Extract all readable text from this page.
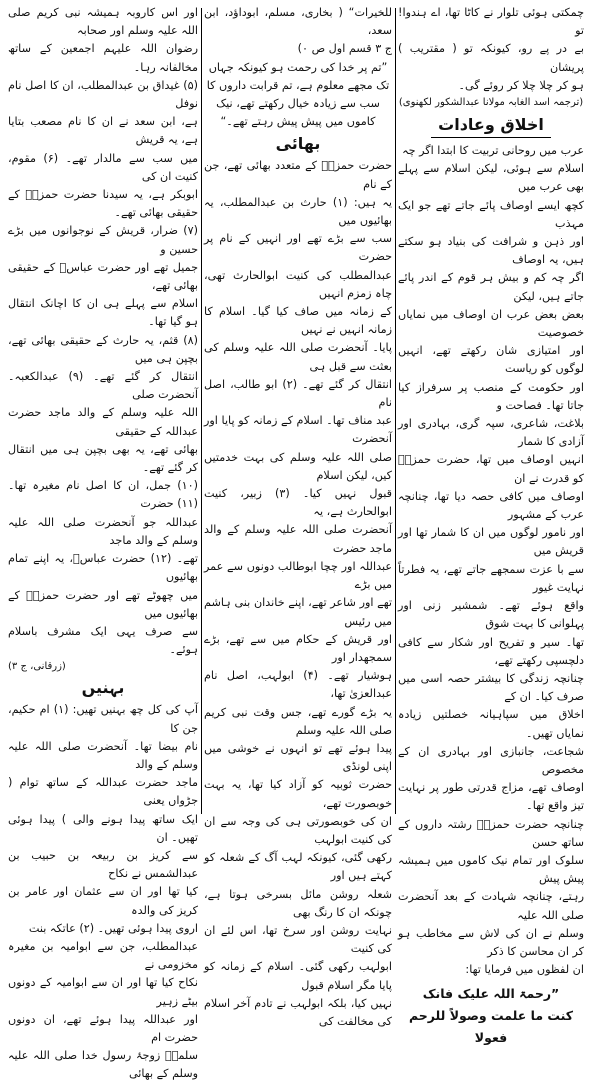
چمکتی ہوئی تلوار نے کاٹا تھا، اے ہندوا! تو
بے در پے رو، کیونکہ تو ( مقتریب ) پریشان
ہو کر چلا چلا کر روئے گی۔
(ترجمہ اسد الغابہ مولانا عبدالشکور لکھنوی)
اخلاق وعادات
عرب میں روحانی تربیت کا ابتدا اگر چہ
اسلام سے ہوئی، لیکن اسلام سے پہلے بھی عرب میں
کچھ ایسے اوصاف پائے جاتے تھے جو ایک مہذب
اور ذہن و شرافت کی بنیاد ہو سکتے ہیں، یہ اوصاف
اگر چہ کم و بیش ہر قوم کے اندر پائے جاتے ہیں، لیکن
بعض بعض عرب ان اوصاف میں نمایاں خصوصیت
اور امتیازی شان رکھتے تھے، انہیں لوگوں کو ریاست
اور حکومت کے منصب پر سرفراز کیا جاتا تھا۔ فصاحت و
بلاغت، شاعری، سپہ گری، بہادری اور آزادی کا شمار
انہیں اوصاف میں تھا، حضرت حمزہؓ کو قدرت نے ان
اوصاف میں کافی حصہ دیا تھا، چنانچہ عرب کے مشہور
اور نامور لوگوں میں ان کا شمار تھا اور قریش میں
سے با عزت سمجھے جاتے تھے، یہ فطرتاً نہایت غیور
واقع ہوئے تھے۔ شمشیر زنی اور پہلوانی کا بہت شوق
تھا۔ سیر و تفریح اور شکار سے کافی دلچسپی رکھتے تھے،
چنانچہ زندگی کا بیشتر حصہ اسی میں صرف کیا۔ ان کے
اخلاق میں سپاہیانہ خصلتیں زیادہ نمایاں تھیں۔
شجاعت، جانبازی اور بہادری ان کے مخصوص
اوصاف تھے، مزاج قدرتی طور پر نہایت تیز واقع تھا۔
چنانچہ حضرت حمزہؓ رشتہ داروں کے ساتھ حسن
سلوک اور تمام نیک کاموں میں ہمیشہ پیش پیش
رہتے، چنانچہ شہادت کے بعد آنحضرت صلی اللہ علیہ
وسلم نے ان کی لاش سے مخاطب ہو کر ان محاسن کا ذکر
ان لفظوں میں فرمایا تھا:
”رحمۃ اللہ علیک فانک
کنت ما علمت وصولاً للرحم فعولا
للخیرات“ ( بخاری، مسلم، ابوداؤد، ابن سعد،
ج ۳ قسم اول ص ۰)
”تم پر خدا کی رحمت ہو کیونکہ جہاں
تک مجھے معلوم ہے، تم قرابت داروں کا
سب سے زیادہ خیال رکھتے تھے، نیک
کاموں میں پیش پیش رہتے تھے۔“
بھائی
حضرت حمزہؓ کے متعدد بھائی تھے، جن کے نام
یہ ہیں: (۱) حارث بن عبدالمطلب، یہ بھائیوں میں
سب سے بڑے تھے اور انہیں کے نام پر حضرت
عبدالمطلب کی کنیت ابوالحارث تھی، چاہ زمزم انہیں
کے زمانہ میں صاف کیا گیا۔ اسلام کا زمانہ انہیں نے نہیں
پایا۔ آنحضرت صلی اللہ علیہ وسلم کی بعثت سے قبل ہی
انتقال کر گئے تھے۔ (۲) ابو طالب، اصل نام
عبد مناف تھا۔ اسلام کے زمانہ کو پایا اور آنحضرت
صلی اللہ علیہ وسلم کی بہت خدمتیں کیں، لیکن اسلام
قبول نہیں کیا۔ (۳) زبیر، کنیت ابوالحارث ہے، یہ
آنحضرت صلی اللہ علیہ وسلم کے والد ماجد حضرت
عبداللہ اور چچا ابوطالب دونوں سے عمر میں بڑے
تھے اور شاعر تھے، اپنے خاندان بنی ہاشم میں رئیس
اور قریش کے حکام میں سے تھے، بڑے سمجھدار اور
ہوشیار تھے۔ (۴) ابولہب، اصل نام عبدالعزیٰ تھا،
یہ بڑے گورے تھے، جس وقت نبی کریم صلی اللہ علیہ وسلم
پیدا ہوئے تھے تو انہوں نے خوشی میں اپنی لونڈی
حضرت ثوبیہ کو آزاد کیا تھا، یہ بہت خوبصورت تھے،
ان کی خوبصورتی ہی کی وجہ سے ان کی کنیت ابولہب
رکھی گئی، کیونکہ لہب آگ کے شعلہ کو کہتے ہیں اور
شعلہ روشن مائل بسرخی ہوتا ہے، چونکہ ان کا رنگ بھی
نہایت روشن اور سرخ تھا، اس لئے ان کی کنیت
ابولہب رکھی گئی۔ اسلام کے زمانہ کو پایا مگر اسلام قبول
نہیں کیا، بلکہ ابولہب نے تادم آخر اسلام کی مخالفت کی
اور اس کاروبہ ہمیشہ نبی کریم صلی اللہ علیہ وسلم اور صحابہ
رضوان اللہ علیہم اجمعین کے ساتھ مخالفانہ رہا۔
(۵) غیداق بن عبدالمطلب، ان کا اصل نام نوفل
ہے، ابن سعد نے ان کا نام مصعب بتایا ہے، یہ قریش
میں سب سے مالدار تھے۔ (۶) مقوم، کنیت ان کی
ابوبکر ہے، یہ سیدنا حضرت حمزہؓ کے حقیقی بھائی تھے۔
(۷) ضرار، قریش کے نوجوانوں میں بڑے حسین و
جمیل تھے اور حضرت عباسؓ کے حقیقی بھائی تھے،
اسلام سے پہلے ہی ان کا اچانک انتقال ہو گیا تھا۔
(۸) قثم، یہ حارث کے حقیقی بھائی تھے، بچپن ہی میں
انتقال کر گئے تھے۔ (۹) عبدالکعبہ۔ آنحضرت صلی
اللہ علیہ وسلم کے والد ماجد حضرت عبداللہ کے حقیقی
بھائی تھے، یہ بھی بچپن ہی میں انتقال کر گئے تھے۔
(۱۰) جمل، ان کا اصل نام مغیرہ تھا۔ (۱۱) حضرت
عبداللہ جو آنحضرت صلی اللہ علیہ وسلم کے والد ماجد
تھے۔ (۱۲) حضرت عباسؓ، یہ اپنے تمام بھائیوں
میں چھوٹے تھے اور حضرت حمزہؓ کے بھائیوں میں
سے صرف یہی ایک مشرف باسلام ہوئے۔
(زرقانی، ج ۳)
بہنیں
آپ کی کل چھ بہنیں تھیں: (۱) ام حکیم، جن کا
نام بیضا تھا۔ آنحضرت صلی اللہ علیہ وسلم کے والد
ماجد حضرت عبداللہ کے ساتھ توام ( جڑواں یعنی
ایک ساتھ پیدا ہونے والی ) پیدا ہوئی تھیں۔ ان
سے کریز بن ربیعہ بن حبیب بن عبدالشمس نے نکاح
کیا تھا اور ان سے عثمان اور عامر بن کریز کی والدہ
اروی پیدا ہوئی تھیں۔ (۲) عاتکہ بنت
عبدالمطلب، جن سے ابوامیہ بن مغیرہ مخزومی نے
نکاح کیا تھا اور ان سے ابوامیہ کے دونوں بیٹے زہیر
اور عبداللہ پیدا ہوئے تھے، ان دونوں حضرت ام
سلمہؓ زوجۂ رسول خدا صلی اللہ علیہ وسلم کے بھائی
